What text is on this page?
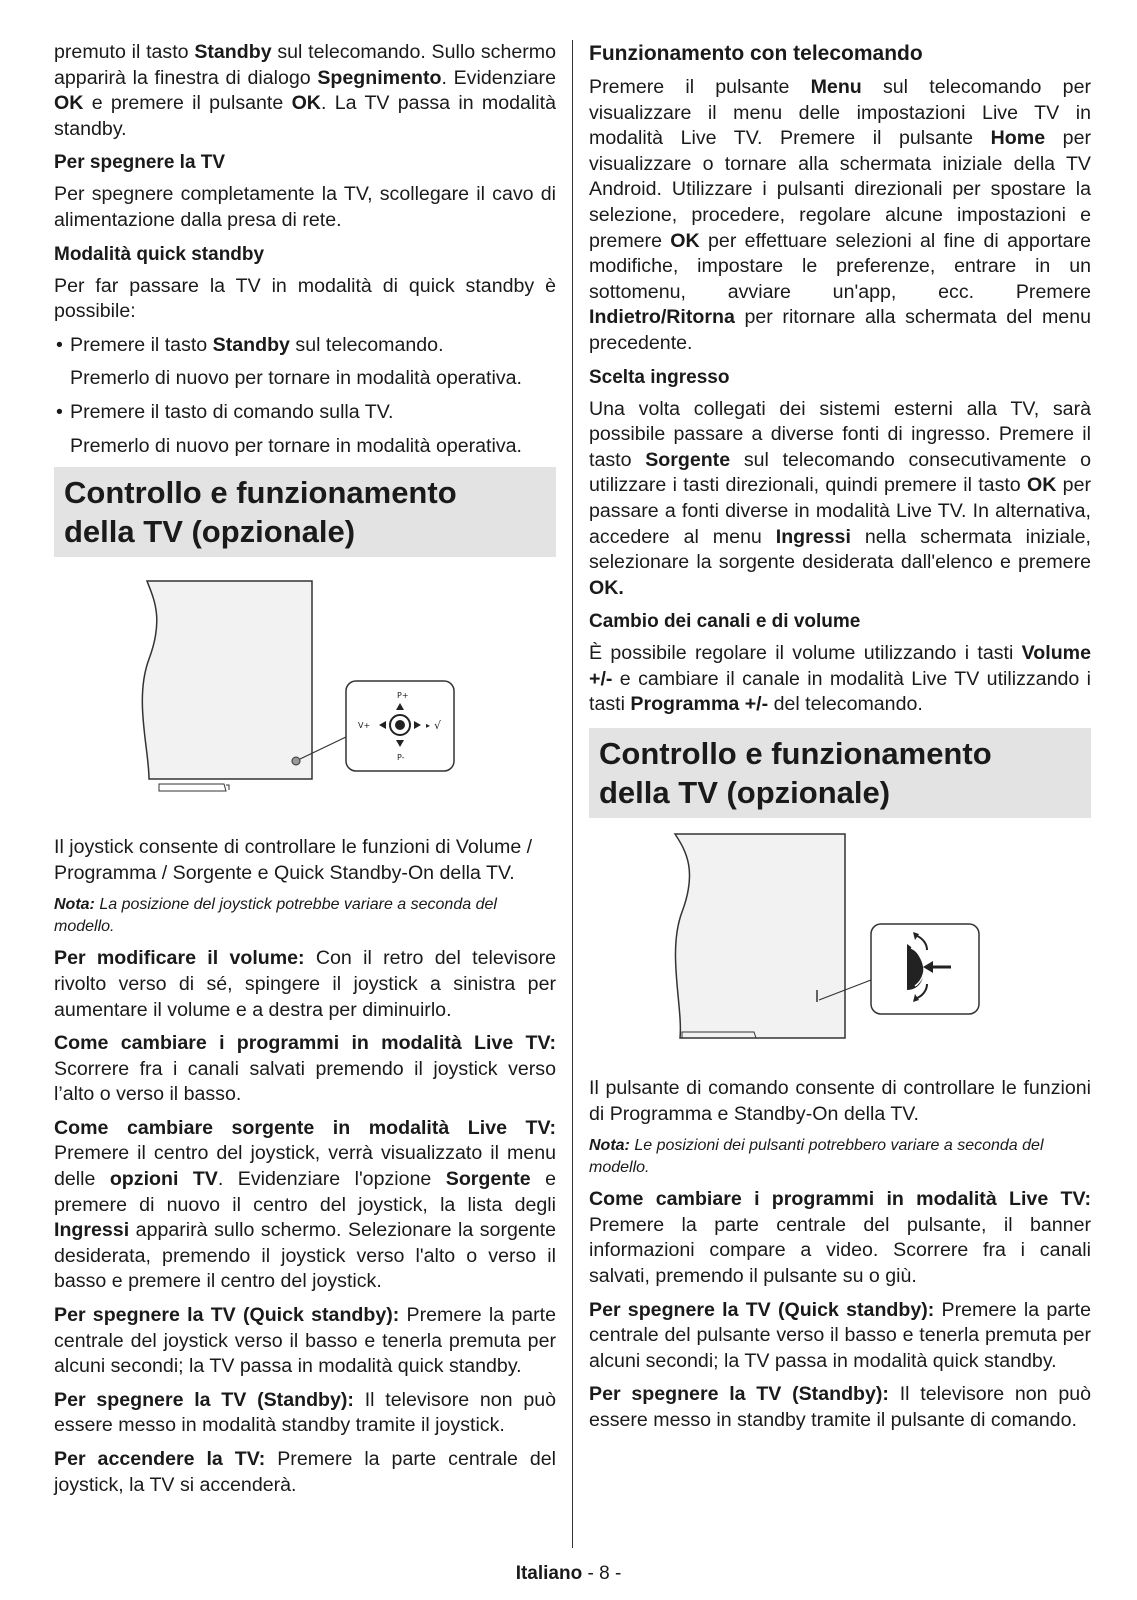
premuto il tasto Standby sul telecomando. Sullo schermo apparirà la finestra di dialogo Spegnimento. Evidenziare OK e premere il pulsante OK. La TV passa in modalità standby.

Per spegnere la TV

Per spegnere completamente la TV, scollegare il cavo di alimentazione dalla presa di rete.

Modalità quick standby

Per far passare la TV in modalità di quick standby è possibile:

• Premere il tasto Standby sul telecomando.
Premerlo di nuovo per tornare in modalità operativa.
• Premere il tasto di comando sulla TV.
Premerlo di nuovo per tornare in modalità operativa.
Controllo e funzionamento
della TV (opzionale)
P+
P-
V+	▸ √

Il joystick consente di controllare le funzioni di Volume / Programma / Sorgente e Quick Standby-On della TV.

Nota: La posizione del joystick potrebbe variare a seconda del modello.

Per modificare il volume: Con il retro del televisore rivolto verso di sé, spingere il joystick a sinistra per aumentare il volume e a destra per diminuirlo.

Come cambiare i programmi in modalità Live TV: Scorrere fra i canali salvati premendo il joystick verso l’alto o verso il basso.

Come cambiare sorgente in modalità Live TV: Premere il centro del joystick, verrà visualizzato il menu delle opzioni TV. Evidenziare l'opzione Sorgente e premere di nuovo il centro del joystick, la lista degli Ingressi apparirà sullo schermo. Selezionare la sorgente desiderata, premendo il joystick verso l'alto o verso il basso e premere il centro del joystick.

Per spegnere la TV (Quick standby): Premere la parte centrale del joystick verso il basso e tenerla premuta per alcuni secondi; la TV passa in modalità quick standby.

Per spegnere la TV (Standby): Il televisore non può essere messo in modalità standby tramite il joystick.

Per accendere la TV: Premere la parte centrale del joystick, la TV si accenderà.

Funzionamento con telecomando

Premere il pulsante Menu sul telecomando per visualizzare il menu delle impostazioni Live TV in modalità Live TV. Premere il pulsante Home per visualizzare o tornare alla schermata iniziale della TV Android. Utilizzare i pulsanti direzionali per spostare la selezione, procedere, regolare alcune impostazioni e premere OK per effettuare selezioni al fine di apportare modifiche, impostare le preferenze, entrare in un sottomenu, avviare un'app, ecc. Premere Indietro/Ritorna per ritornare alla schermata del menu precedente.

Scelta ingresso

Una volta collegati dei sistemi esterni alla TV, sarà possibile passare a diverse fonti di ingresso. Premere il tasto Sorgente sul telecomando consecutivamente o utilizzare i tasti direzionali, quindi premere il tasto OK per passare a fonti diverse in modalità Live TV. In alternativa, accedere al menu Ingressi nella schermata iniziale, selezionare la sorgente desiderata dall'elenco e premere OK.

Cambio dei canali e di volume

È possibile regolare il volume utilizzando i tasti Volume +/- e cambiare il canale in modalità Live TV utilizzando i tasti Programma +/- del telecomando.

Controllo e funzionamento
della TV (opzionale)

Il pulsante di comando consente di controllare le funzioni di Programma e Standby-On della TV.

Nota: Le posizioni dei pulsanti potrebbero variare a seconda del modello.

Come cambiare i programmi in modalità Live TV: Premere la parte centrale del pulsante, il banner informazioni compare a video. Scorrere fra i canali salvati, premendo il pulsante su o giù.

Per spegnere la TV (Quick standby): Premere la parte centrale del pulsante verso il basso e tenerla premuta per alcuni secondi; la TV passa in modalità quick standby.

Per spegnere la TV (Standby): Il televisore non può essere messo in standby tramite il pulsante di comando.

Italiano - 8 -
